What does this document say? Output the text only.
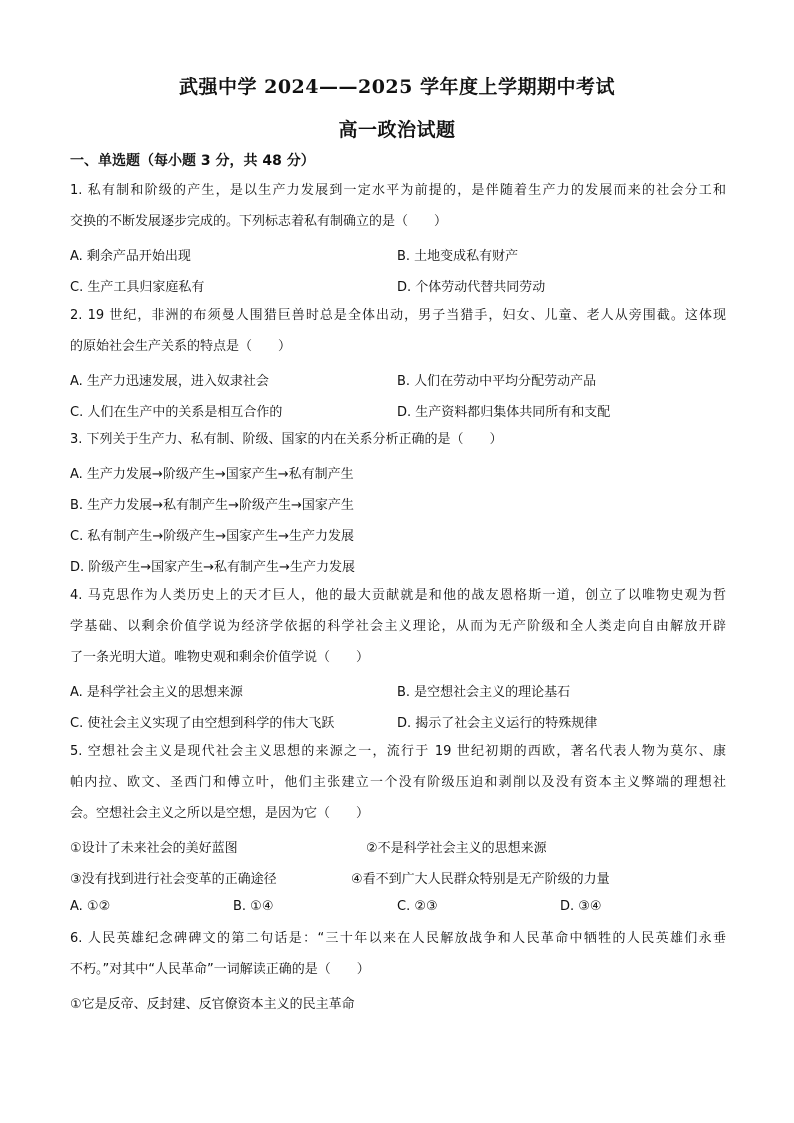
武强中学 2024——2025 学年度上学期期中考试
高一政治试题
一、单选题（每小题 3 分，共 48 分）
1. 私有制和阶级的产生，是以生产力发展到一定水平为前提的，是伴随着生产力的发展而来的社会分工和
交换的不断发展逐步完成的。下列标志着私有制确立的是（　　）
A. 剩余产品开始出现	B. 土地变成私有财产
C. 生产工具归家庭私有	D. 个体劳动代替共同劳动
2. 19 世纪，非洲的布须曼人围猎巨兽时总是全体出动，男子当猎手，妇女、儿童、老人从旁围截。这体现
的原始社会生产关系的特点是（　　）
A. 生产力迅速发展，进入奴隶社会	B. 人们在劳动中平均分配劳动产品
C. 人们在生产中的关系是相互合作的	D. 生产资料都归集体共同所有和支配
3. 下列关于生产力、私有制、阶级、国家的内在关系分析正确的是（　　）
A. 生产力发展→阶级产生→国家产生→私有制产生
B. 生产力发展→私有制产生→阶级产生→国家产生
C. 私有制产生→阶级产生→国家产生→生产力发展
D. 阶级产生→国家产生→私有制产生→生产力发展
4. 马克思作为人类历史上的天才巨人，他的最大贡献就是和他的战友恩格斯一道，创立了以唯物史观为哲
学基础、以剩余价值学说为经济学依据的科学社会主义理论，从而为无产阶级和全人类走向自由解放开辟
了一条光明大道。唯物史观和剩余价值学说（　　）
A. 是科学社会主义的思想来源	B. 是空想社会主义的理论基石
C. 使社会主义实现了由空想到科学的伟大飞跃	D. 揭示了社会主义运行的特殊规律
5. 空想社会主义是现代社会主义思想的来源之一，流行于 19 世纪初期的西欧，著名代表人物为莫尔、康
帕内拉、欧文、圣西门和傅立叶，他们主张建立一个没有阶级压迫和剥削以及没有资本主义弊端的理想社
会。空想社会主义之所以是空想，是因为它（　　）
①设计了未来社会的美好蓝图	②不是科学社会主义的思想来源
③没有找到进行社会变革的正确途径	④看不到广大人民群众特别是无产阶级的力量
A. ①②	B. ①④	C. ②③	D. ③④
6. 人民英雄纪念碑碑文的第二句话是：“三十年以来在人民解放战争和人民革命中牺牲的人民英雄们永垂
不朽。”对其中“人民革命”一词解读正确的是（　　）
①它是反帝、反封建、反官僚资本主义的民主革命
